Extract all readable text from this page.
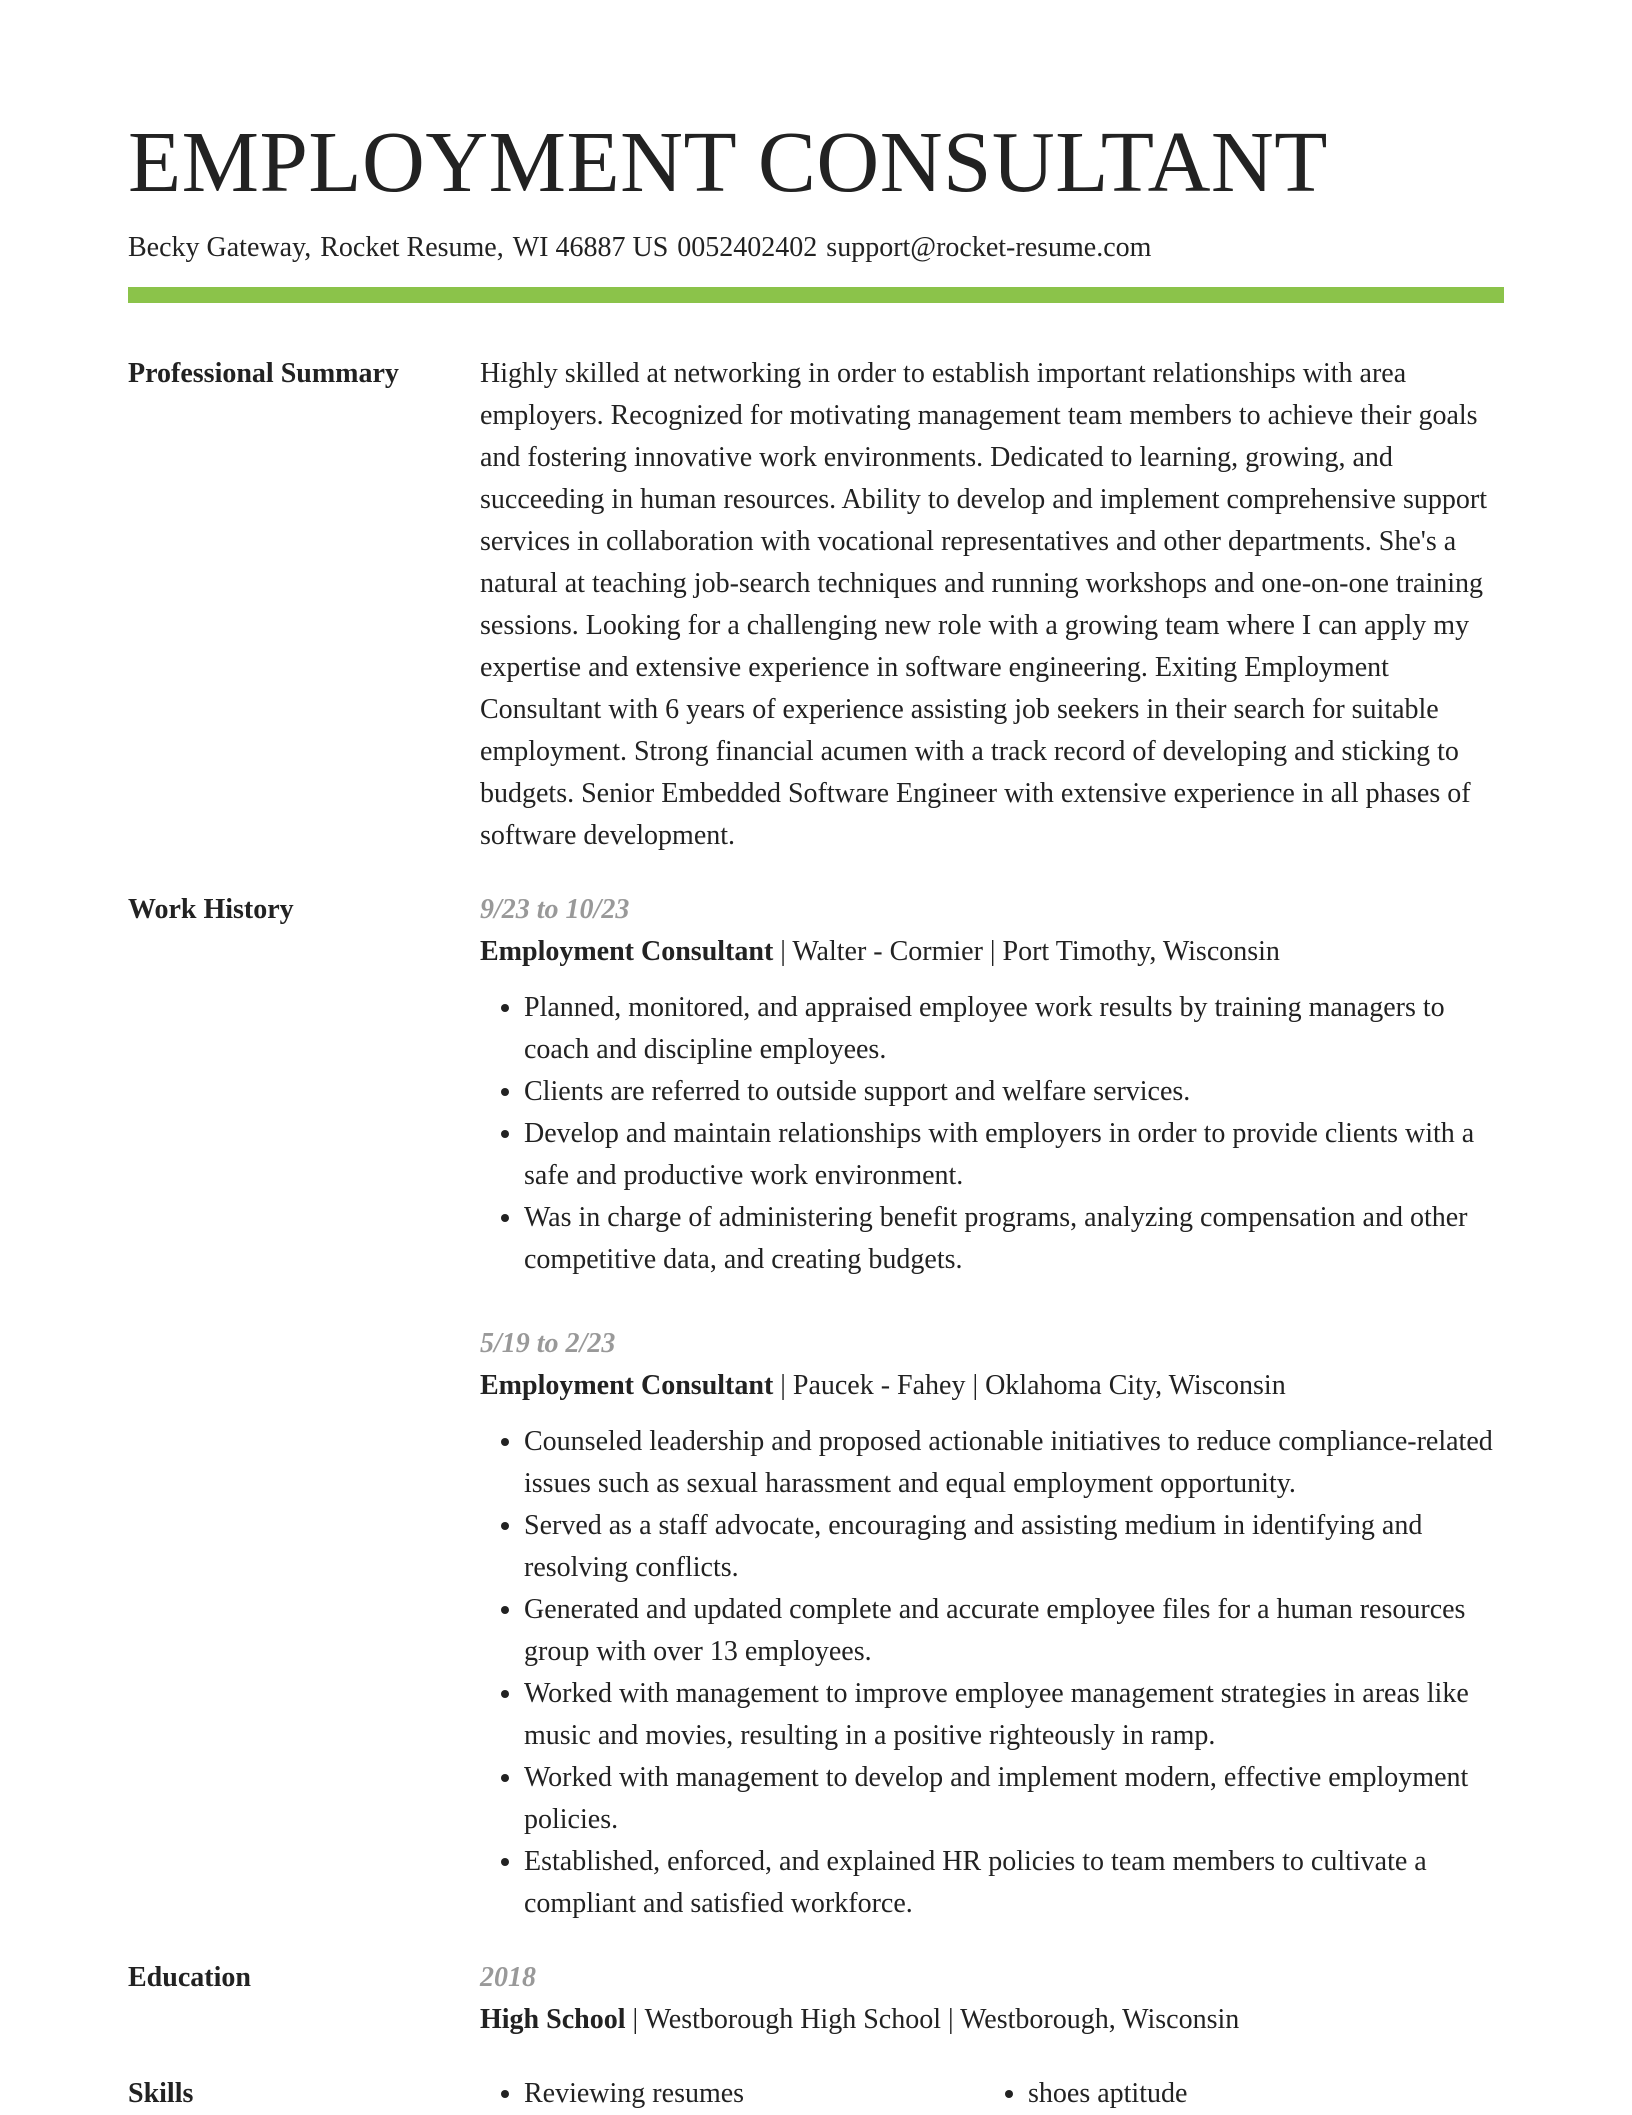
EMPLOYMENT CONSULTANT
Becky Gateway, Rocket Resume, WI 46887 US 0052402402 support@rocket-resume.com
Professional Summary	Highly skilled at networking in order to establish important relationships with area employers. Recognized for motivating management team members to achieve their goals and fostering innovative work environments. Dedicated to learning, growing, and succeeding in human resources. Ability to develop and implement comprehensive support services in collaboration with vocational representatives and other departments. She's a natural at teaching job-search techniques and running workshops and one-on-one training sessions. Looking for a challenging new role with a growing team where I can apply my expertise and extensive experience in software engineering. Exiting Employment Consultant with 6 years of experience assisting job seekers in their search for suitable employment. Strong financial acumen with a track record of developing and sticking to budgets. Senior Embedded Software Engineer with extensive experience in all phases of software development.
Work History	9/23 to 10/23
Employment Consultant | Walter - Cormier | Port Timothy, Wisconsin
• Planned, monitored, and appraised employee work results by training managers to coach and discipline employees.
• Clients are referred to outside support and welfare services.
• Develop and maintain relationships with employers in order to provide clients with a safe and productive work environment.
• Was in charge of administering benefit programs, analyzing compensation and other competitive data, and creating budgets.
5/19 to 2/23
Employment Consultant | Paucek - Fahey | Oklahoma City, Wisconsin
• Counseled leadership and proposed actionable initiatives to reduce compliance-related issues such as sexual harassment and equal employment opportunity.
• Served as a staff advocate, encouraging and assisting medium in identifying and resolving conflicts.
• Generated and updated complete and accurate employee files for a human resources group with over 13 employees.
• Worked with management to improve employee management strategies in areas like music and movies, resulting in a positive righteously in ramp.
• Worked with management to develop and implement modern, effective employment policies.
• Established, enforced, and explained HR policies to team members to cultivate a compliant and satisfied workforce.
Education	2018
High School | Westborough High School | Westborough, Wisconsin
Skills	• Reviewing resumes	• shoes aptitude
